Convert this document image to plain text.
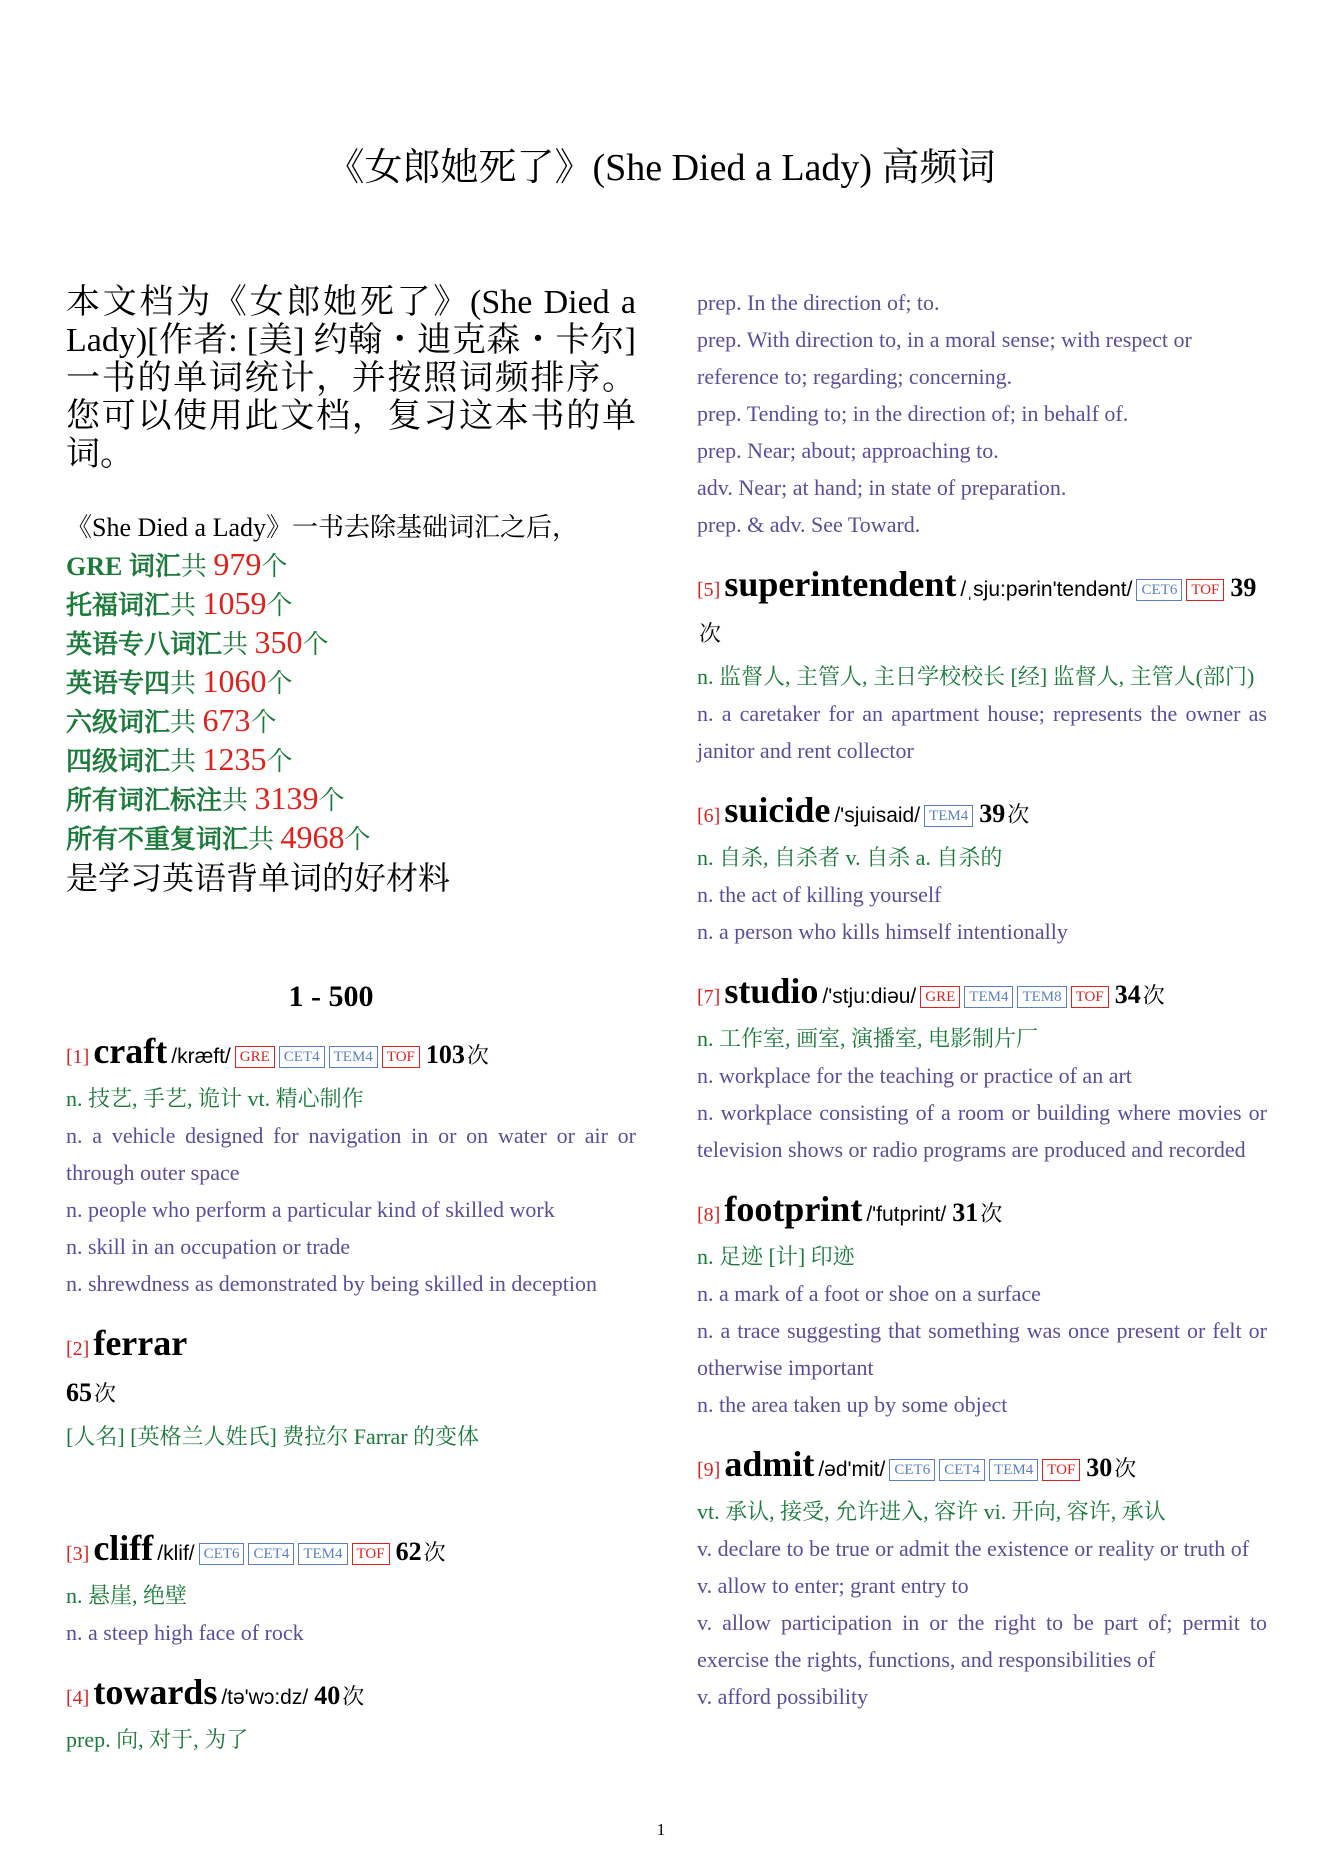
《女郎她死了》(She Died a Lady) 高频词
本文档为《女郎她死了》(She Died a Lady)[作者: [美] 约翰・迪克森・卡尔] 一书的单词统计，并按照词频排序。您可以使用此文档，复习这本书的单词。
《She Died a Lady》一书去除基础词汇之后，
GRE 词汇共 979个
托福词汇共 1059个
英语专八词汇共 350个
英语专四共 1060个
六级词汇共 673个
四级词汇共 1235个
所有词汇标注共 3139个
所有不重复词汇共 4968个
是学习英语背单词的好材料
1 - 500
[1] craft /kræft/ GRE CET4 TEM4 TOF 103次
n. 技艺, 手艺, 诡计 vt. 精心制作
n. a vehicle designed for navigation in or on water or air or through outer space
n. people who perform a particular kind of skilled work
n. skill in an occupation or trade
n. shrewdness as demonstrated by being skilled in deception
[2] ferrar
65次
[人名] [英格兰人姓氏] 费拉尔 Farrar 的变体
[3] cliff /klif/ CET6 CET4 TEM4 TOF 62次
n. 悬崖, 绝壁
n. a steep high face of rock
[4] towards /tə'wɔ:dz/ 40次
prep. 向, 对于, 为了
prep. In the direction of; to.
prep. With direction to, in a moral sense; with respect or
reference to; regarding; concerning.
prep. Tending to; in the direction of; in behalf of.
prep. Near; about; approaching to.
adv. Near; at hand; in state of preparation.
prep. & adv. See Toward.
[5] superintendent /ˌsju:pərin'tendənt/ CET6 TOF 39次
n. 监督人, 主管人, 主日学校校长 [经] 监督人, 主管人(部门)
n. a caretaker for an apartment house; represents the owner as janitor and rent collector
[6] suicide /'sjuisaid/ TEM4 39次
n. 自杀, 自杀者 v. 自杀 a. 自杀的
n. the act of killing yourself
n. a person who kills himself intentionally
[7] studio /'stju:diəu/ GRE TEM4 TEM8 TOF 34次
n. 工作室, 画室, 演播室, 电影制片厂
n. workplace for the teaching or practice of an art
n. workplace consisting of a room or building where movies or television shows or radio programs are produced and recorded
[8] footprint /'futprint/ 31次
n. 足迹 [计] 印迹
n. a mark of a foot or shoe on a surface
n. a trace suggesting that something was once present or felt or otherwise important
n. the area taken up by some object
[9] admit /əd'mit/ CET6 CET4 TEM4 TOF 30次
vt. 承认, 接受, 允许进入, 容许 vi. 开向, 容许, 承认
v. declare to be true or admit the existence or reality or truth of
v. allow to enter; grant entry to
v. allow participation in or the right to be part of; permit to exercise the rights, functions, and responsibilities of
v. afford possibility
1
